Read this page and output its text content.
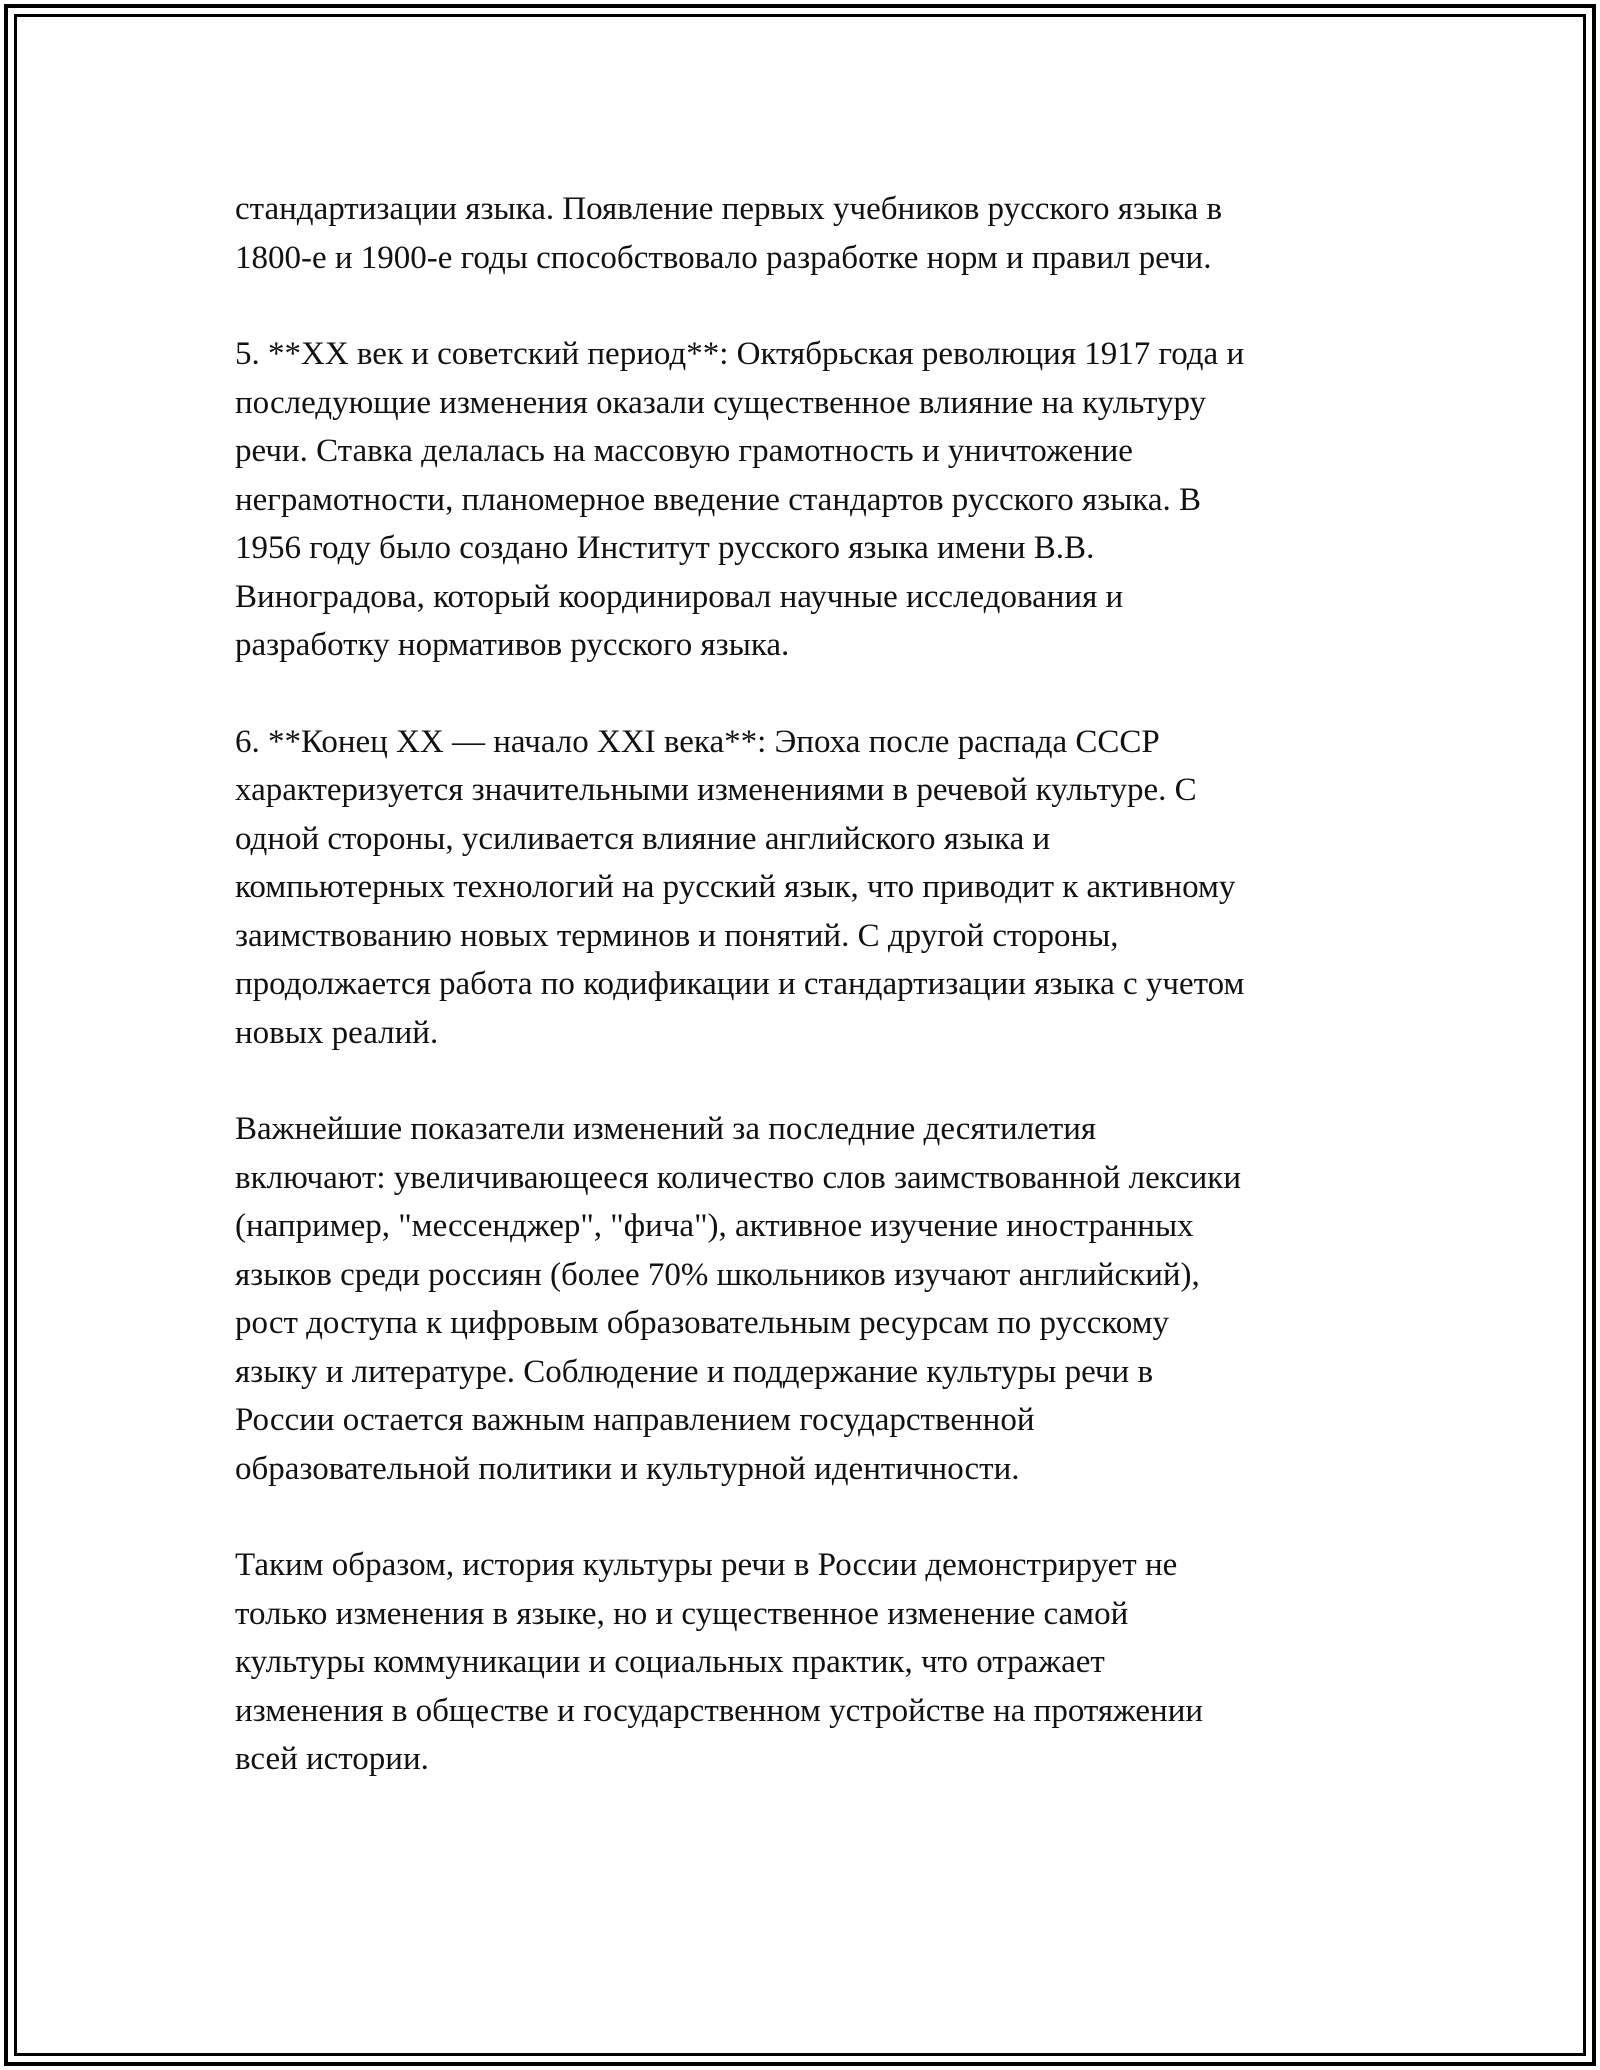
стандартизации языка. Появление первых учебников русского языка в
1800-е и 1900-е годы способствовало разработке норм и правил речи.

5. **XX век и советский период**: Октябрьская революция 1917 года и
последующие изменения оказали существенное влияние на культуру
речи. Ставка делалась на массовую грамотность и уничтожение
неграмотности, планомерное введение стандартов русского языка. В
1956 году было создано Институт русского языка имени В.В.
Виноградова, который координировал научные исследования и
разработку нормативов русского языка.

6. **Конец XX — начало XXI века**: Эпоха после распада СССР
характеризуется значительными изменениями в речевой культуре. С
одной стороны, усиливается влияние английского языка и
компьютерных технологий на русский язык, что приводит к активному
заимствованию новых терминов и понятий. С другой стороны,
продолжается работа по кодификации и стандартизации языка с учетом
новых реалий.

Важнейшие показатели изменений за последние десятилетия
включают: увеличивающееся количество слов заимствованной лексики
(например, "мессенджер", "фича"), активное изучение иностранных
языков среди россиян (более 70% школьников изучают английский),
рост доступа к цифровым образовательным ресурсам по русскому
языку и литературе. Соблюдение и поддержание культуры речи в
России остается важным направлением государственной
образовательной политики и культурной идентичности.

Таким образом, история культуры речи в России демонстрирует не
только изменения в языке, но и существенное изменение самой
культуры коммуникации и социальных практик, что отражает
изменения в обществе и государственном устройстве на протяжении
всей истории.
